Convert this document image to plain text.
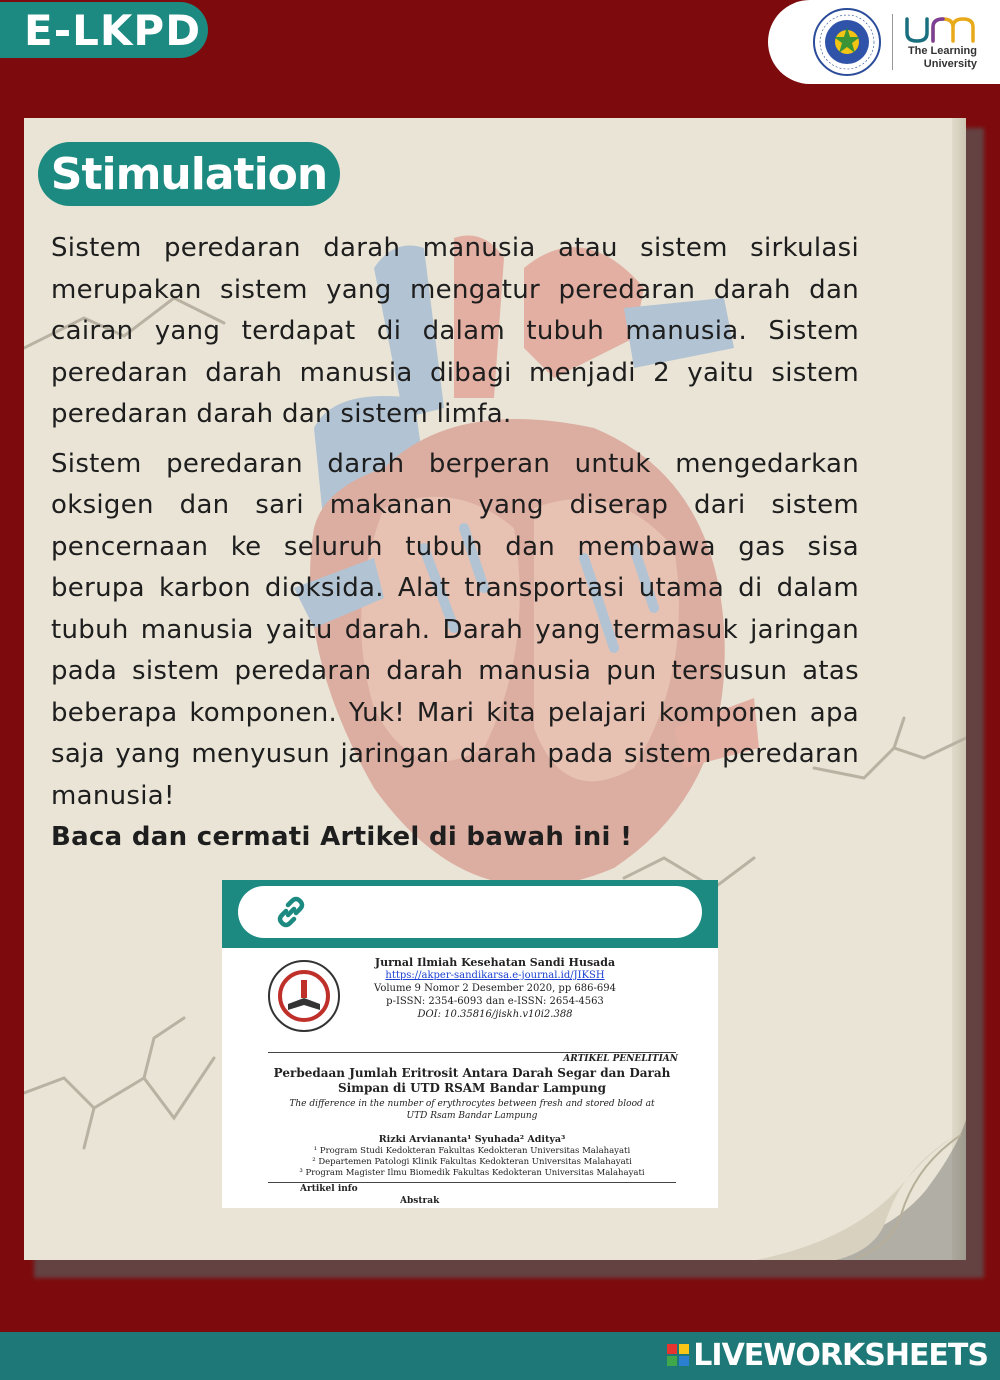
E-LKPD	The Learning
University
Stimulation

Sistem peredaran darah manusia atau sistem sirkulasi merupakan sistem yang mengatur peredaran darah dan cairan yang terdapat di dalam tubuh manusia. Sistem peredaran darah manusia dibagi menjadi 2 yaitu sistem peredaran darah dan sistem limfa.

Sistem peredaran darah berperan untuk mengedarkan oksigen dan sari makanan yang diserap dari sistem pencernaan ke seluruh tubuh dan membawa gas sisa berupa karbon dioksida. Alat transportasi utama di dalam tubuh manusia yaitu darah. Darah yang termasuk jaringan pada sistem peredaran darah manusia pun tersusun atas beberapa komponen. Yuk! Mari kita pelajari komponen apa saja yang menyusun jaringan darah pada sistem peredaran manusia!

Baca dan cermati Artikel di bawah ini !

Jurnal Ilmiah Kesehatan Sandi Husada
https://akper-sandikarsa.e-journal.id/JIKSH
Volume 9 Nomor 2 Desember 2020, pp 686-694
p-ISSN: 2354-6093 dan e-ISSN: 2654-4563
DOI: 10.35816/jiskh.v10i2.388
ARTIKEL PENELITIAN
Perbedaan Jumlah Eritrosit Antara Darah Segar dan Darah Simpan di UTD RSAM Bandar Lampung
The difference in the number of erythrocytes between fresh and stored blood at UTD Rsam Bandar Lampung
Rizki Arviananta¹ Syuhada² Aditya³
¹ Program Studi Kedokteran Fakultas Kedokteran Universitas Malahayati
² Departemen Patologi Klinik Fakultas Kedokteran Universitas Malahayati
³ Program Magister Ilmu Biomedik Fakultas Kedokteran Universitas Malahayati
Artikel info
Abstrak
LIVEWORKSHEETS
